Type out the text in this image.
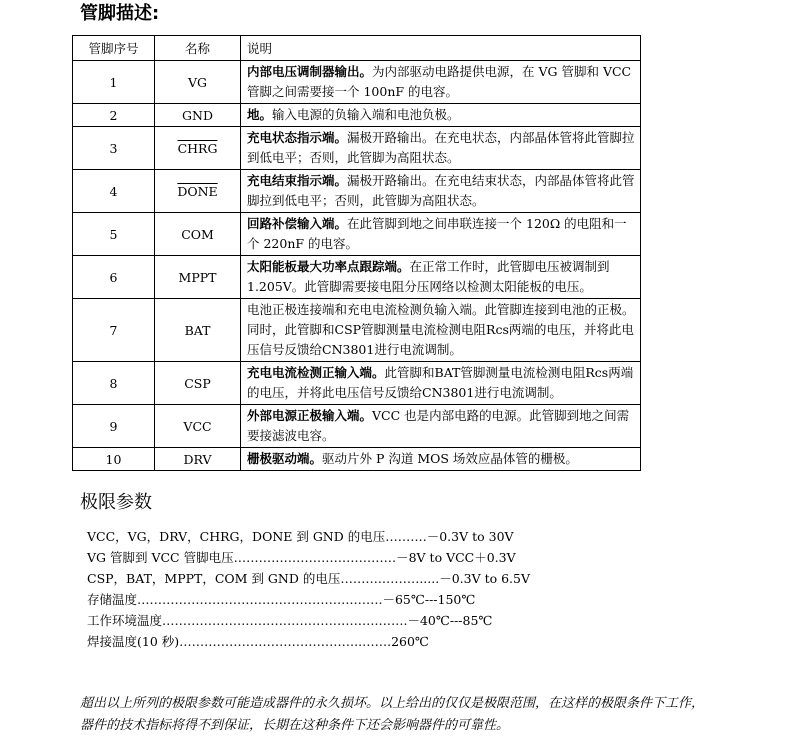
管脚描述:
管脚序号	名称	说明
1	VG	内部电压调制器输出。为内部驱动电路提供电源，在 VG 管脚和 VCC 管脚之间需要接一个 100nF 的电容。
2	GND	地。输入电源的负输入端和电池负极。
3	CHRG	充电状态指示端。漏极开路输出。在充电状态，内部晶体管将此管脚拉到低电平；否则，此管脚为高阻状态。
4	DONE	充电结束指示端。漏极开路输出。在充电结束状态，内部晶体管将此管脚拉到低电平；否则，此管脚为高阻状态。
5	COM	回路补偿输入端。在此管脚到地之间串联连接一个 120Ω 的电阻和一个 220nF 的电容。
6	MPPT	太阳能板最大功率点跟踪端。在正常工作时，此管脚电压被调制到 1.205V。此管脚需要接电阻分压网络以检测太阳能板的电压。
7	BAT	电池正极连接端和充电电流检测负输入端。此管脚连接到电池的正极。同时，此管脚和CSP管脚测量电流检测电阻Rcs两端的电压，并将此电压信号反馈给CN3801进行电流调制。
8	CSP	充电电流检测正输入端。此管脚和BAT管脚测量电流检测电阻Rcs两端的电压，并将此电压信号反馈给CN3801进行电流调制。
9	VCC	外部电源正极输入端。VCC 也是内部电路的电源。此管脚到地之间需要接滤波电容。
10	DRV	栅极驱动端。驱动片外 P 沟道 MOS 场效应晶体管的栅极。
极限参数
VCC，VG，DRV，CHRG，DONE 到 GND 的电压……….－0.3V to 30V
VG 管脚到 VCC 管脚电压…………………………………－8V to VCC＋0.3V
CSP，BAT，MPPT，COM 到 GND 的电压……….……….....－0.3V to 6.5V
存储温度…………………………………………….…….－65℃---150℃
工作环境温度…………………………………………….…….－40℃---85℃
焊接温度(10 秒)……………………………………..…….260℃
超出以上所列的极限参数可能造成器件的永久损坏。以上给出的仅仅是极限范围，在这样的极限条件下工作，
器件的技术指标将得不到保证，长期在这种条件下还会影响器件的可靠性。
